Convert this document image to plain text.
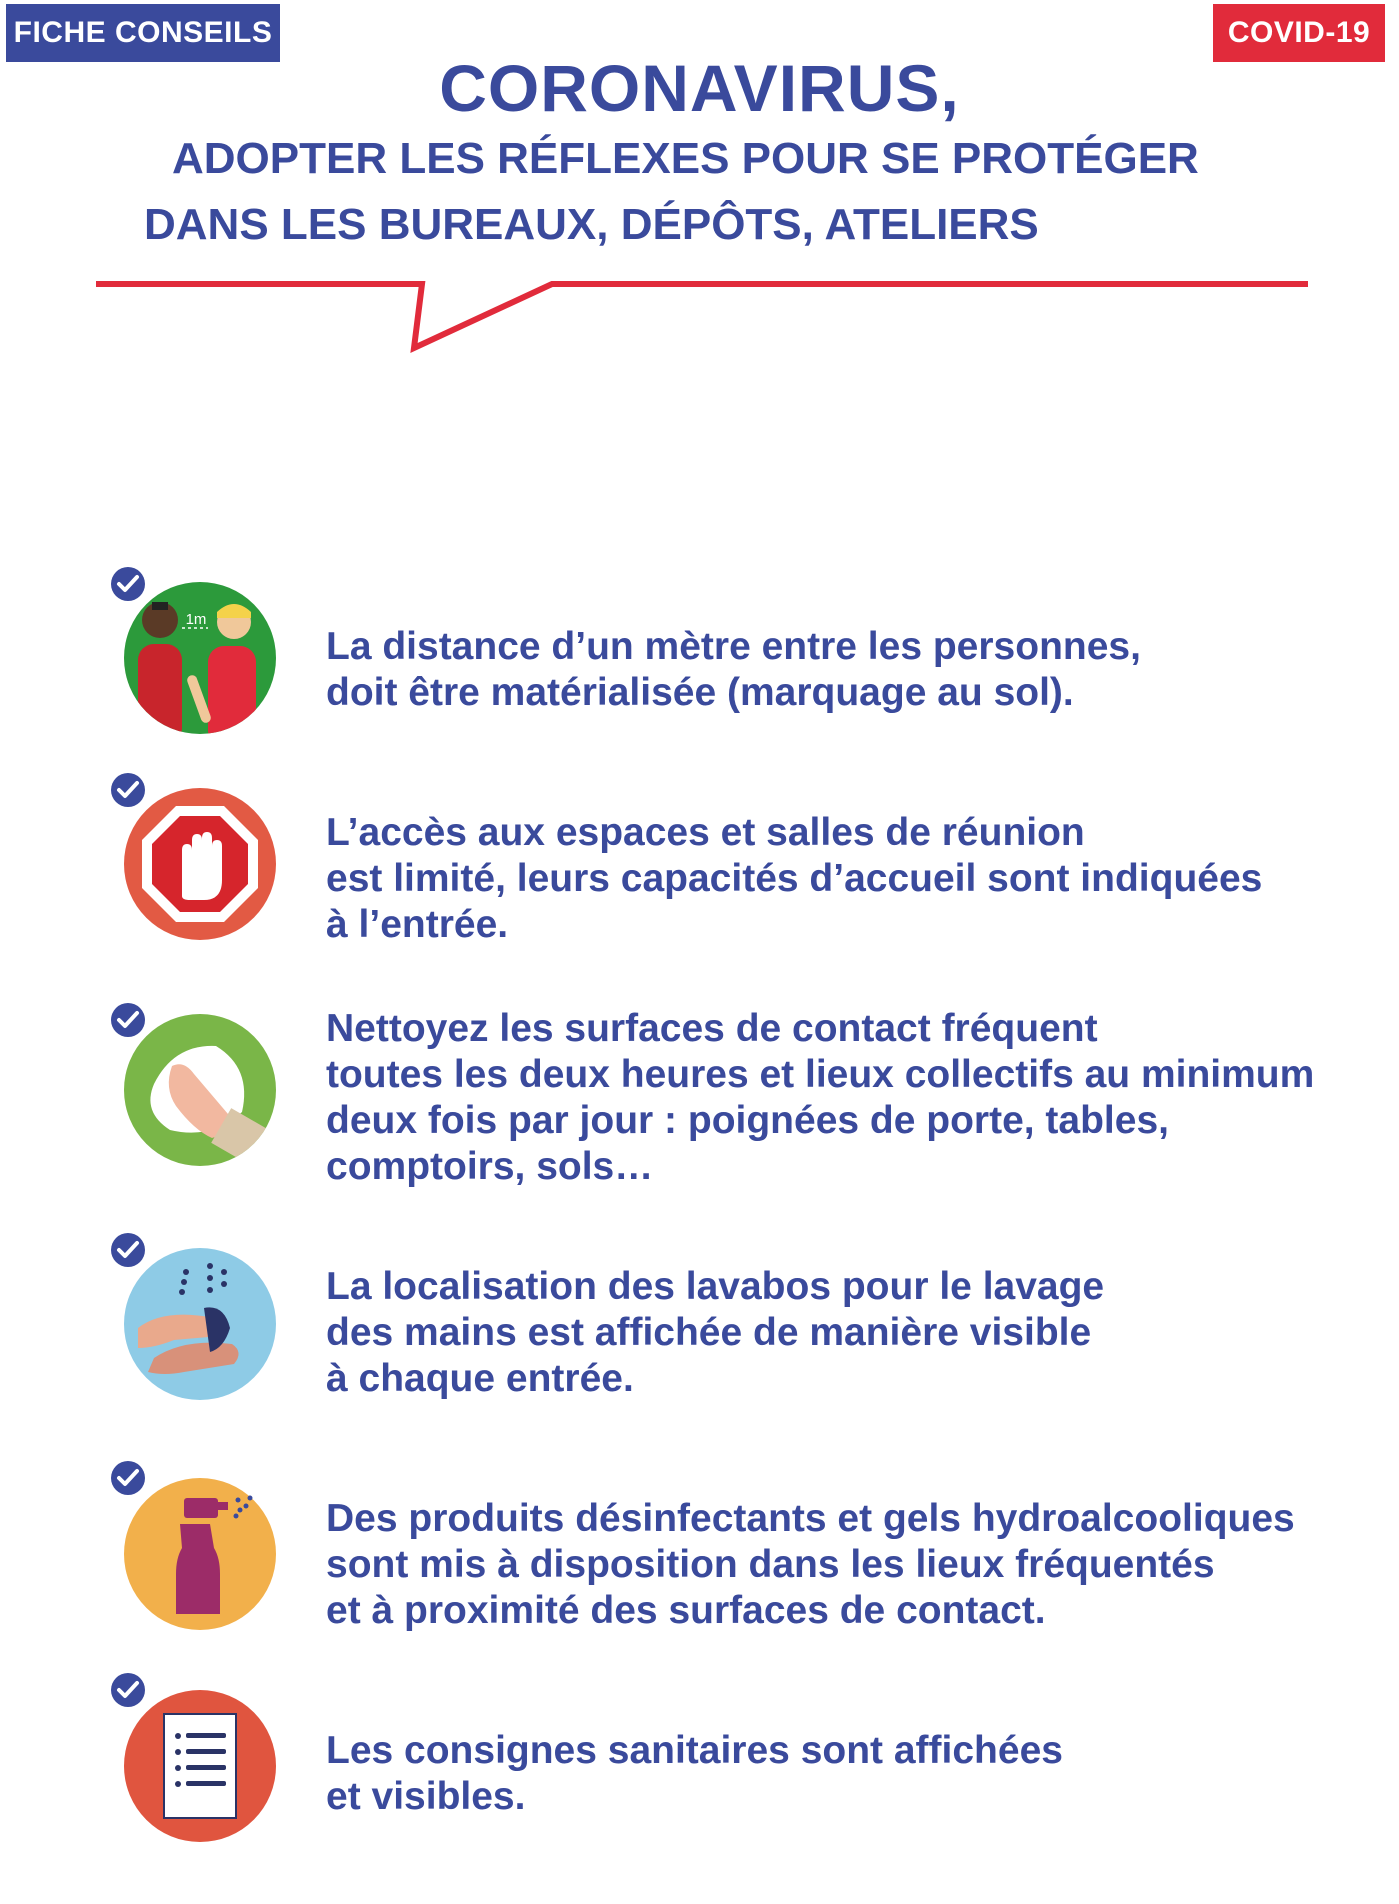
FICHE CONSEILS	COVID-19
CORONAVIRUS,
ADOPTER LES RÉFLEXES POUR SE PROTÉGER
DANS LES BUREAUX, DÉPÔTS, ATELIERS
1m
La distance d’un mètre entre les personnes,
doit être matérialisée (marquage au sol).
L’accès aux espaces et salles de réunion
est limité, leurs capacités d’accueil sont indiquées
à l’entrée.
Nettoyez les surfaces de contact fréquent
toutes les deux heures et lieux collectifs au minimum
deux fois par jour : poignées de porte, tables,
comptoirs, sols…
La localisation des lavabos pour le lavage
des mains est affichée de manière visible
à chaque entrée.
Des produits désinfectants et gels hydroalcooliques
sont mis à disposition dans les lieux fréquentés
et à proximité des surfaces de contact.
Les consignes sanitaires sont affichées
et visibles.
